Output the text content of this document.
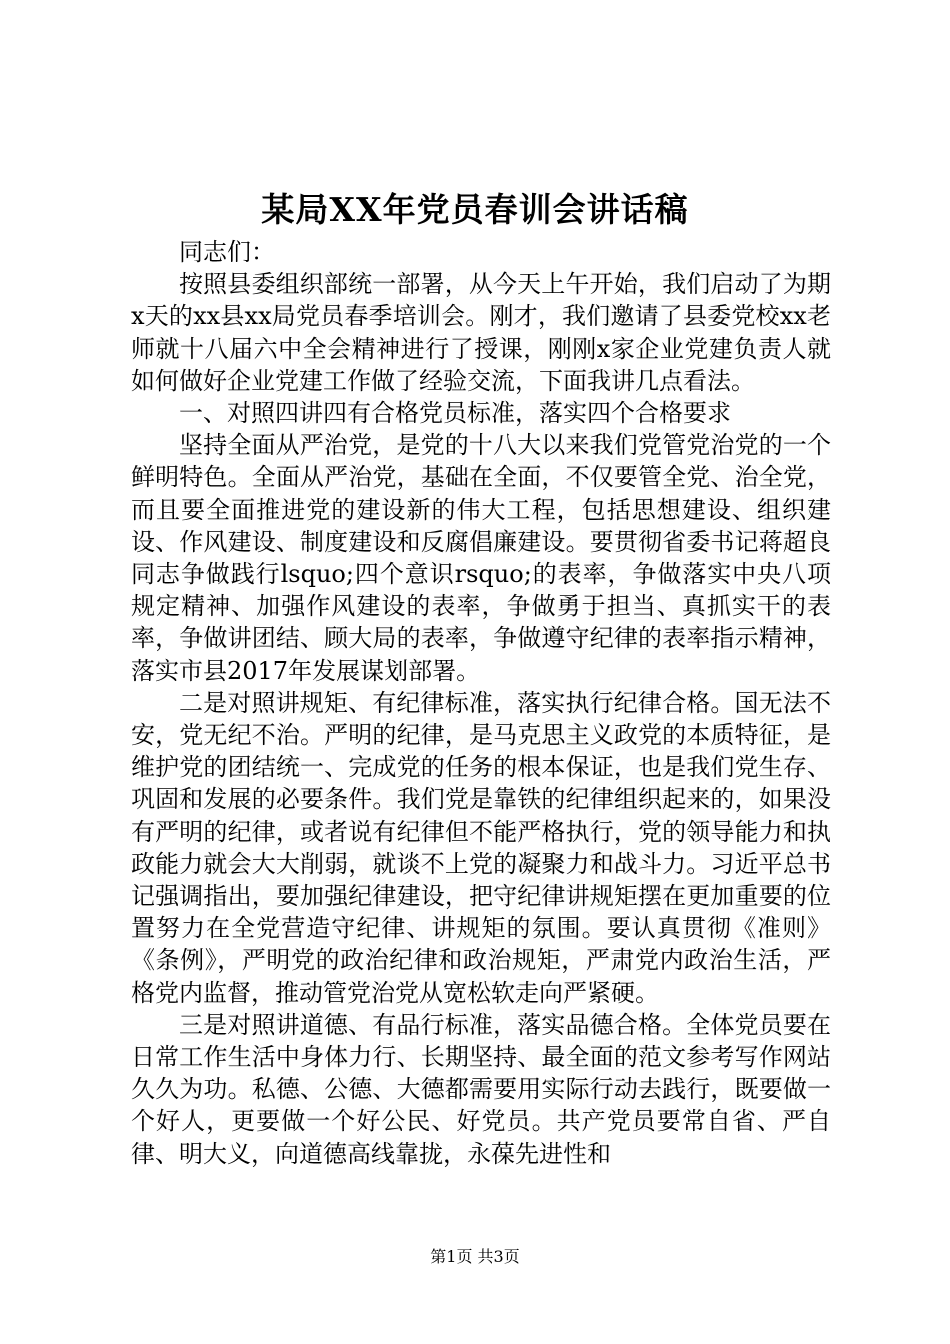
某局XX年党员春训会讲话稿

同志们：

按照县委组织部统一部署，从今天上午开始，我们启动了为期x天的xx县xx局党员春季培训会。刚才，我们邀请了县委党校xx老师就十八届六中全会精神进行了授课，刚刚x家企业党建负责人就如何做好企业党建工作做了经验交流，下面我讲几点看法。

一、对照四讲四有合格党员标准，落实四个合格要求

坚持全面从严治党，是党的十八大以来我们党管党治党的一个鲜明特色。全面从严治党，基础在全面，不仅要管全党、治全党，而且要全面推进党的建设新的伟大工程，包括思想建设、组织建设、作风建设、制度建设和反腐倡廉建设。要贯彻省委书记蒋超良同志争做践行lsquo;四个意识rsquo;的表率，争做落实中央八项规定精神、加强作风建设的表率，争做勇于担当、真抓实干的表率，争做讲团结、顾大局的表率，争做遵守纪律的表率指示精神，落实市县2017年发展谋划部署。

二是对照讲规矩、有纪律标准，落实执行纪律合格。国无法不安，党无纪不治。严明的纪律，是马克思主义政党的本质特征，是维护党的团结统一、完成党的任务的根本保证，也是我们党生存、巩固和发展的必要条件。我们党是靠铁的纪律组织起来的，如果没有严明的纪律，或者说有纪律但不能严格执行，党的领导能力和执政能力就会大大削弱，就谈不上党的凝聚力和战斗力。习近平总书记强调指出，要加强纪律建设，把守纪律讲规矩摆在更加重要的位置努力在全党营造守纪律、讲规矩的氛围。要认真贯彻《准则》《条例》，严明党的政治纪律和政治规矩，严肃党内政治生活，严格党内监督，推动管党治党从宽松软走向严紧硬。

三是对照讲道德、有品行标准，落实品德合格。全体党员要在日常工作生活中身体力行、长期坚持、最全面的范文参考写作网站久久为功。私德、公德、大德都需要用实际行动去践行，既要做一个好人，更要做一个好公民、好党员。共产党员要常自省、严自律、明大义，向道德高线靠拢，永葆先进性和

第1页 共3页
